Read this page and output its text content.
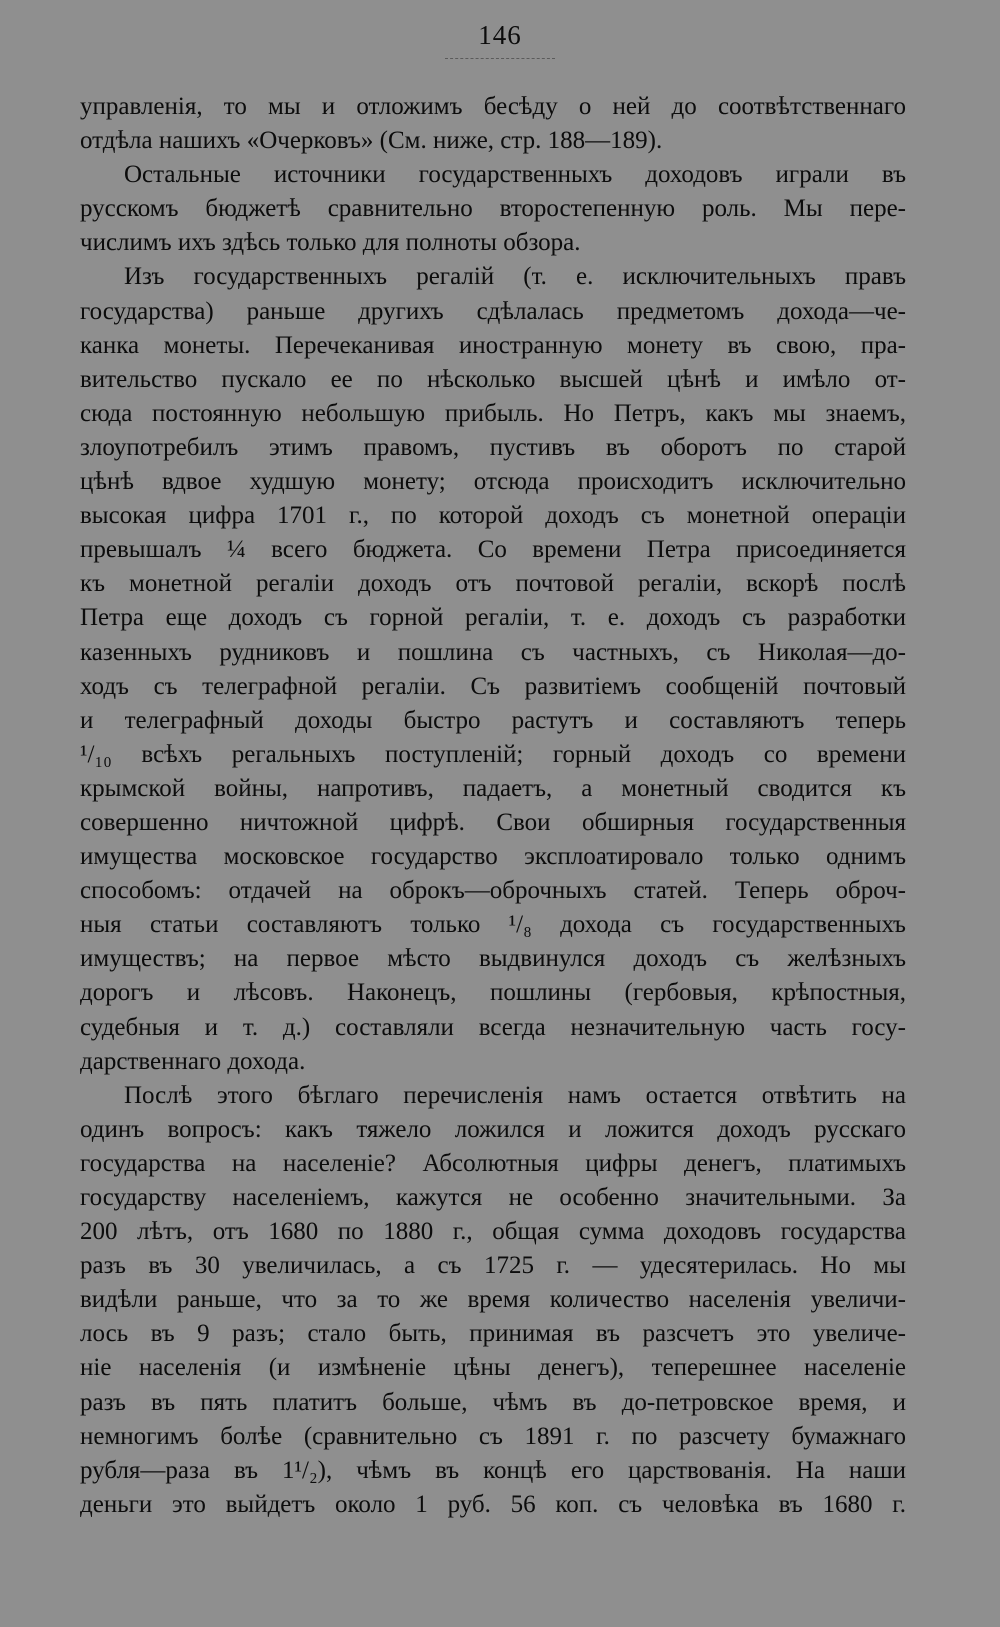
146
управленія, то мы и отложимъ бесѣду о ней до соотвѣтственнаго
отдѣла нашихъ «Очерковъ» (См. ниже, стр. 188—189).
Остальные источники государственныхъ доходовъ играли въ
русскомъ бюджетѣ сравнительно второстепенную роль. Мы пере-
числимъ ихъ здѣсь только для полноты обзора.
Изъ государственныхъ регалій (т. е. исключительныхъ правъ
государства) раньше другихъ сдѣлалась предметомъ дохода—че-
канка монеты. Перечеканивая иностранную монету въ свою, пра-
вительство пускало ее по нѣсколько высшей цѣнѣ и имѣло от-
сюда постоянную небольшую прибыль. Но Петръ, какъ мы знаемъ,
злоупотребилъ этимъ правомъ, пустивъ въ оборотъ по старой
цѣнѣ вдвое худшую монету; отсюда происходитъ исключительно
высокая цифра 1701 г., по которой доходъ съ монетной операціи
превышалъ ¼ всего бюджета. Со времени Петра присоединяется
къ монетной регаліи доходъ отъ почтовой регаліи, вскорѣ послѣ
Петра еще доходъ съ горной регаліи, т. е. доходъ съ разработки
казенныхъ рудниковъ и пошлина съ частныхъ, съ Николая—до-
ходъ съ телеграфной регаліи. Съ развитіемъ сообщеній почтовый
и телеграфный доходы быстро растутъ и составляютъ теперь
¹/₁₀ всѣхъ регальныхъ поступленій; горный доходъ со времени
крымской войны, напротивъ, падаетъ, а монетный сводится къ
совершенно ничтожной цифрѣ. Свои обширныя государственныя
имущества московское государство эксплоатировало только однимъ
способомъ: отдачей на оброкъ—оброчныхъ статей. Теперь оброч-
ныя статьи составляютъ только ¹/₈ дохода съ государственныхъ
имуществъ; на первое мѣсто выдвинулся доходъ съ желѣзныхъ
дорогъ и лѣсовъ. Наконецъ, пошлины (гербовыя, крѣпостныя,
судебныя и т. д.) составляли всегда незначительную часть госу-
дарственнаго дохода.
Послѣ этого бѣглаго перечисленія намъ остается отвѣтить на
одинъ вопросъ: какъ тяжело ложился и ложится доходъ русскаго
государства на населеніе? Абсолютныя цифры денегъ, платимыхъ
государству населеніемъ, кажутся не особенно значительными. За
200 лѣтъ, отъ 1680 по 1880 г., общая сумма доходовъ государства
разъ въ 30 увеличилась, а съ 1725 г. — удесятерилась. Но мы
видѣли раньше, что за то же время количество населенія увеличи-
лось въ 9 разъ; стало быть, принимая въ разсчетъ это увеличе-
ніе населенія (и измѣненіе цѣны денегъ), теперешнее населеніе
разъ въ пять платитъ больше, чѣмъ въ до-петровское время, и
немногимъ болѣе (сравнительно съ 1891 г. по разсчету бумажнаго
рубля—раза въ 1¹/₂), чѣмъ въ концѣ его царствованія. На наши
деньги это выйдетъ около 1 руб. 56 коп. съ человѣка въ 1680 г.
